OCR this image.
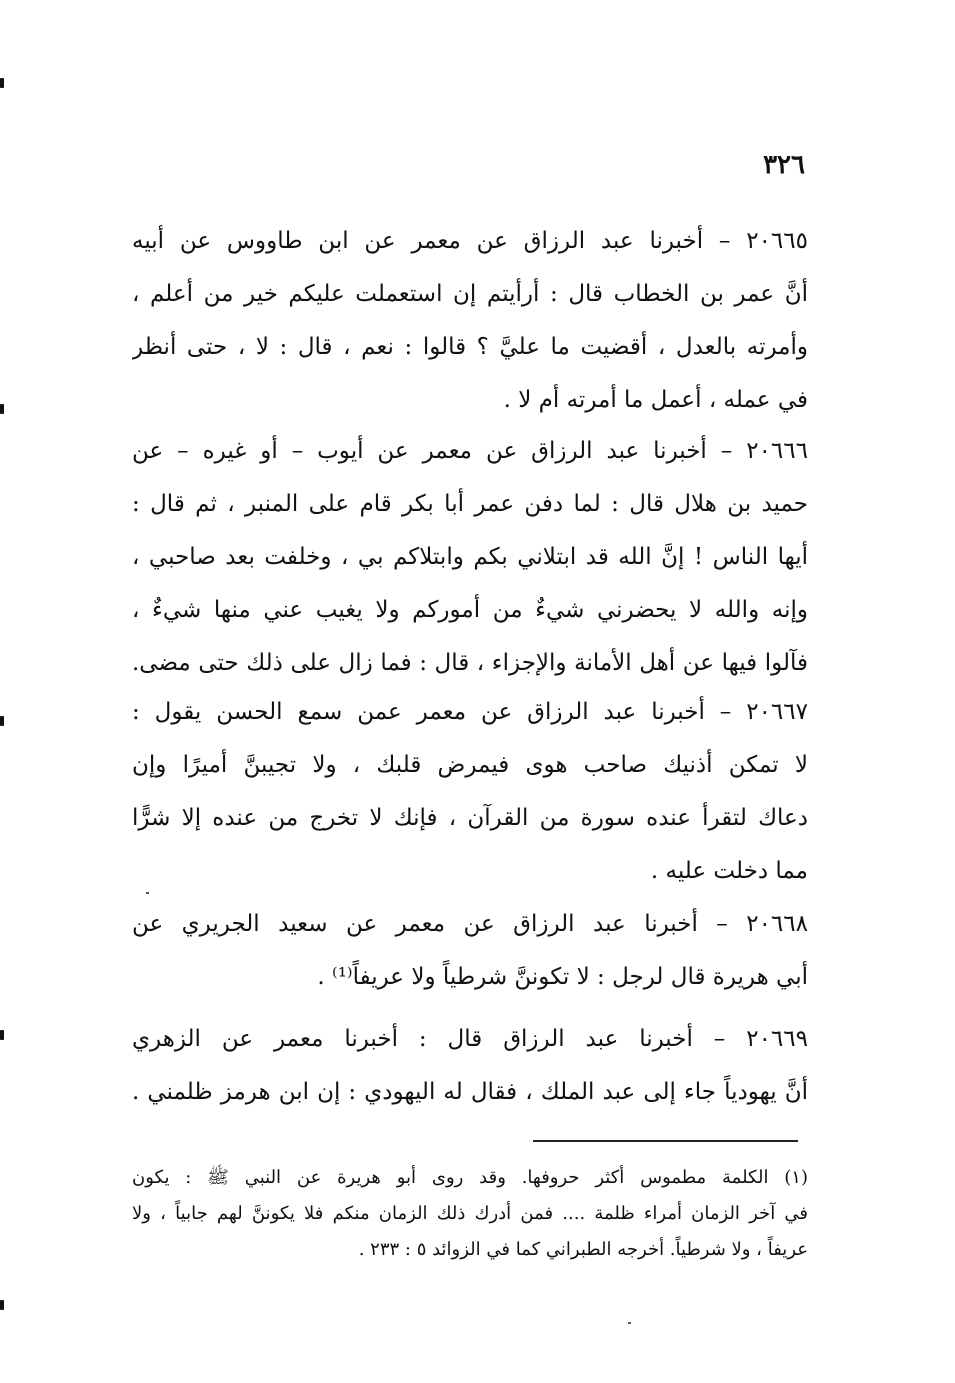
٣٢٦
٢٠٦٦٥ – أخبرنا عبد الرزاق عن معمر عن ابن طاووس عن أبيه
أنَّ عمر بن الخطاب قال : أرأيتم إن استعملت عليكم خير من أعلم ،
وأمرته بالعدل ، أقضيت ما عليَّ ؟ قالوا : نعم ، قال : لا ، حتى أنظر
في عمله ، أعمل ما أمرته أم لا .
٢٠٦٦٦ – أخبرنا عبد الرزاق عن معمر عن أيوب – أو غيره – عن
حميد بن هلال قال : لما دفن عمر أبا بكر قام على المنبر ، ثم قال :
أيها الناس ! إنَّ الله قد ابتلاني بكم وابتلاكم بي ، وخلفت بعد صاحبي ،
وإنه والله لا يحضرني شيءٌ من أموركم ولا يغيب عني منها شيءٌ ،
فآلوا فيها عن أهل الأمانة والإجزاء ، قال : فما زال على ذلك حتى مضى.
٢٠٦٦٧ – أخبرنا عبد الرزاق عن معمر عمن سمع الحسن يقول :
لا تمكن أذنيك صاحب هوى فيمرض قلبك ، ولا تجيبنَّ أميرًا وإن
دعاك لتقرأ عنده سورة من القرآن ، فإنك لا تخرج من عنده إلا شرًّا
مما دخلت عليه .
٢٠٦٦٨ – أخبرنا عبد الرزاق عن معمر عن سعيد الجريري عن
أبي هريرة قال لرجل : لا تكوننَّ شرطياً ولا عريفاً⁽¹⁾ .
٢٠٦٦٩ – أخبرنا عبد الرزاق قال : أخبرنا معمر عن الزهري
أنَّ يهودياً جاء إلى عبد الملك ، فقال له اليهودي : إن ابن هرمز ظلمني .
(١) الكلمة مطموس أكثر حروفها. وقد روى أبو هريرة عن النبي ﷺ : يكون
في آخر الزمان أمراء ظلمة .... فمن أدرك ذلك الزمان منكم فلا يكوننَّ لهم جابياً ، ولا
عريفاً ، ولا شرطياً. أخرجه الطبراني كما في الزوائد ٥ : ٢٣٣ .
